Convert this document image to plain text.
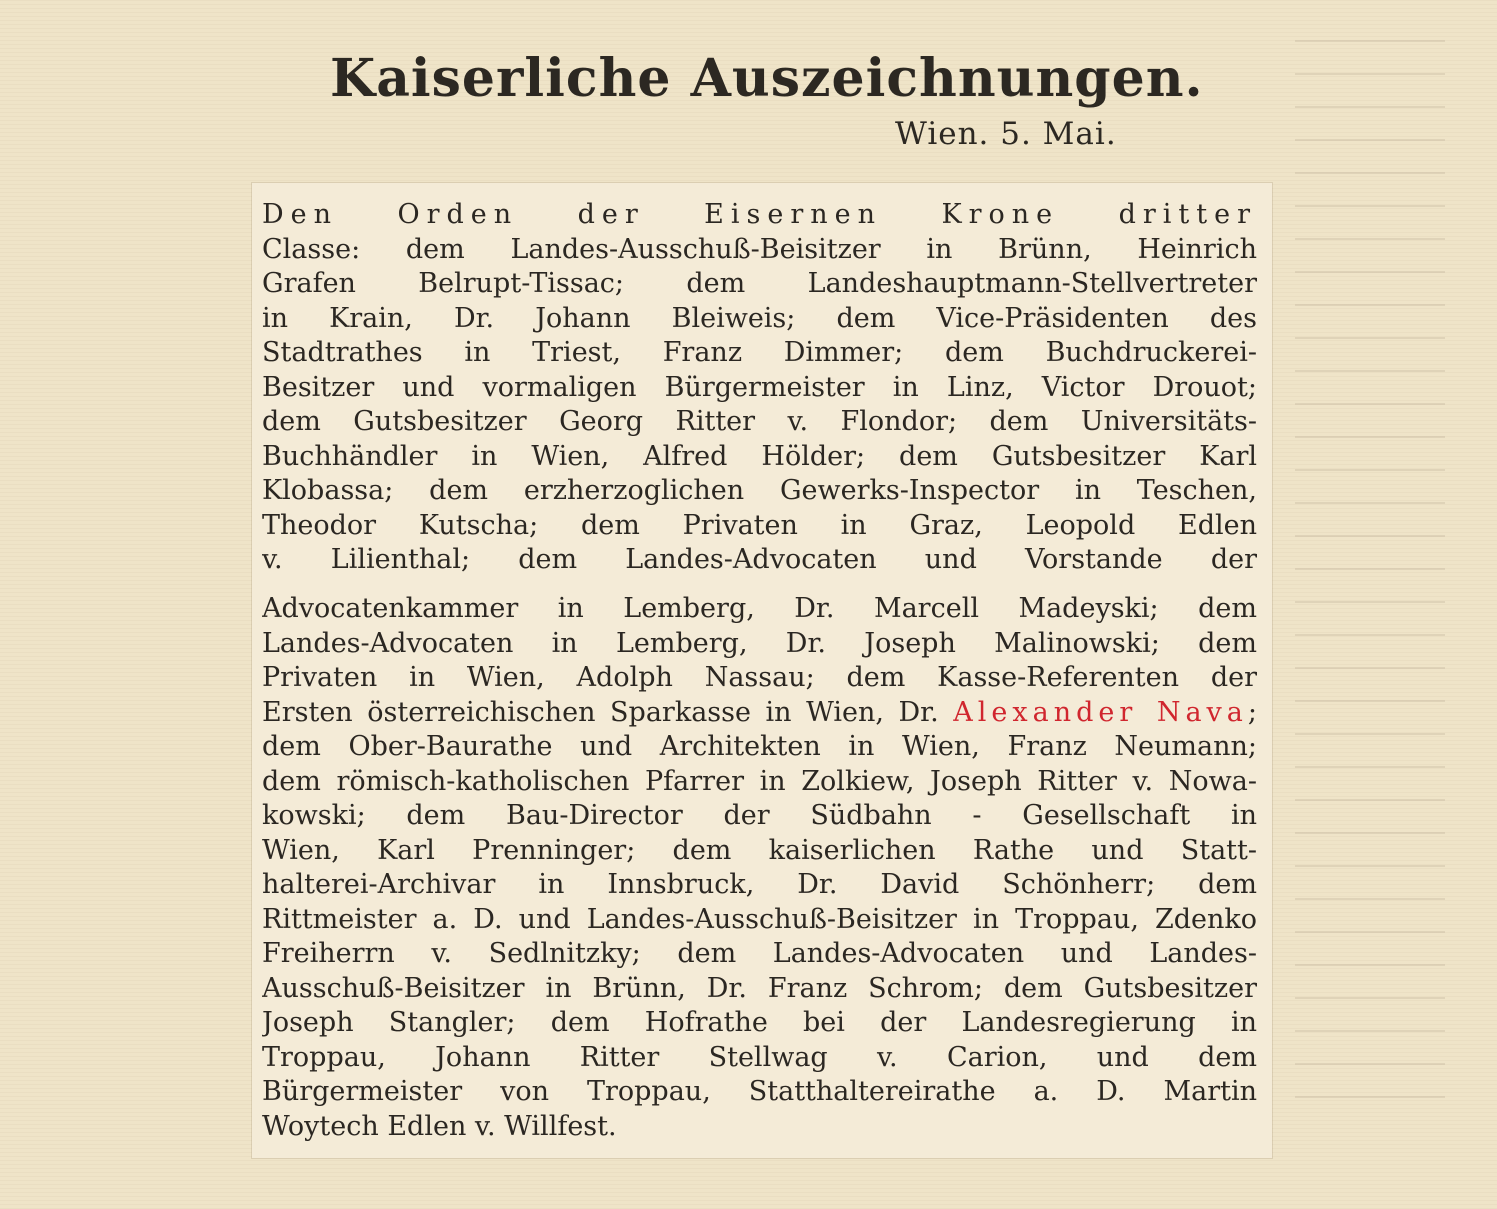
Kaiserliche Auszeichnungen.
Wien. 5. Mai.
Den Orden der Eisernen Krone dritter
Classe: dem Landes-Ausschuß-Beisitzer in Brünn, Heinrich
Grafen Belrupt-Tissac; dem Landeshauptmann-Stellvertreter
in Krain, Dr. Johann Bleiweis; dem Vice-Präsidenten des
Stadtrathes in Triest, Franz Dimmer; dem Buchdruckerei-
Besitzer und vormaligen Bürgermeister in Linz, Victor Drouot;
dem Gutsbesitzer Georg Ritter v. Flondor; dem Universitäts-
Buchhändler in Wien, Alfred Hölder; dem Gutsbesitzer Karl
Klobassa; dem erzherzoglichen Gewerks-Inspector in Teschen,
Theodor Kutscha; dem Privaten in Graz, Leopold Edlen
v. Lilienthal; dem Landes-Advocaten und Vorstande der
Advocatenkammer in Lemberg, Dr. Marcell Madeyski; dem
Landes-Advocaten in Lemberg, Dr. Joseph Malinowski; dem
Privaten in Wien, Adolph Nassau; dem Kasse-Referenten der
Ersten österreichischen Sparkasse in Wien, Dr. Alexander Nava;
dem Ober-Baurathe und Architekten in Wien, Franz Neumann;
dem römisch-katholischen Pfarrer in Zolkiew, Joseph Ritter v. Nowa-
kowski; dem Bau-Director der Südbahn - Gesellschaft in
Wien, Karl Prenninger; dem kaiserlichen Rathe und Statt-
halterei-Archivar in Innsbruck, Dr. David Schönherr; dem
Rittmeister a. D. und Landes-Ausschuß-Beisitzer in Troppau, Zdenko
Freiherrn v. Sedlnitzky; dem Landes-Advocaten und Landes-
Ausschuß-Beisitzer in Brünn, Dr. Franz Schrom; dem Gutsbesitzer
Joseph Stangler; dem Hofrathe bei der Landesregierung in
Troppau, Johann Ritter Stellwag v. Carion, und dem
Bürgermeister von Troppau, Statthaltereirathe a. D. Martin
Woytech Edlen v. Willfest.
